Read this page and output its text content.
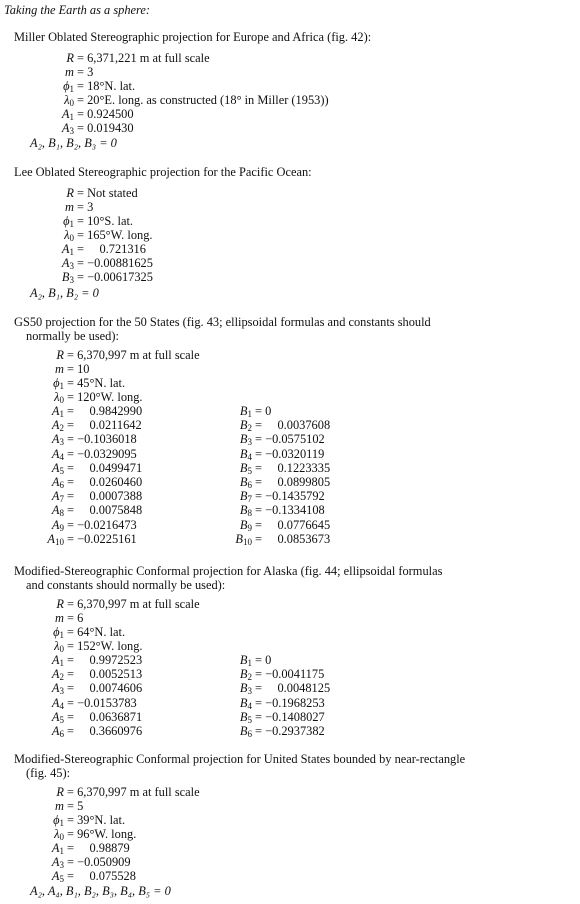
Taking the Earth as a sphere:
Miller Oblated Stereographic projection for Europe and Africa (fig. 42):
R = 6,371,221 m at full scale
m = 3
$\phi_1 = 18^\circ N$. lat.
$\lambda_0 = 20^\circ E$. long. as constructed (18° in Miller (1953))
$A_1 = 0.924500$
$A_3 = 0.019430$
A₂, B₁, B₂, B₃ = 0
Lee Oblated Stereographic projection for the Pacific Ocean:
R = Not stated
m = 3
$\phi_1 = 10^\circ S$. lat.
$\lambda_0 = 165^\circ W$. long.
$A_1$ =     0.721316
$A_3 = -0.00881625$
$B_3 = -0.00617325$
A₂, B₁, B₂ = 0
GS50 projection for the 50 States (fig. 43; ellipsoidal formulas and constants should
normally be used):
R = 6,370,997 m at full scale
m = 10
$\phi_1 = 45^\circ N$. lat.
$\lambda_0 = 120^\circ W$. long.
$A_1$ =     0.9842990	$B_1 = 0$
$A_2$ =     0.0211642	$B_2$ =     0.0037608
$A_3 = -0.1036018$	$B_3 = -0.0575102$
$A_4 = -0.0329095$	$B_4 = -0.0320119$
$A_5$ =     0.0499471	$B_5$ =     0.1223335
$A_6$ =     0.0260460	$B_6$ =     0.0899805
$A_7$ =     0.0007388	$B_7 = -0.1435792$
$A_8$ =     0.0075848	$B_8 = -0.1334108$
$A_9 = -0.0216473$	$B_9$ =     0.0776645
$A_{10} = -0.0225161$	$B_{10}$ =     0.0853673
Modified-Stereographic Conformal projection for Alaska (fig. 44; ellipsoidal formulas
and constants should normally be used):
R = 6,370,997 m at full scale
m = 6
$\phi_1 = 64^\circ N$. lat.
$\lambda_0 = 152^\circ W$. long.
$A_1$ =     0.9972523	$B_1 = 0$
$A_2$ =     0.0052513	$B_2 = -0.0041175$
$A_3$ =     0.0074606	$B_3$ =     0.0048125
$A_4 = -0.0153783$	$B_4 = -0.1968253$
$A_5$ =     0.0636871	$B_5 = -0.1408027$
$A_6$ =     0.3660976	$B_6 = -0.2937382$
Modified-Stereographic Conformal projection for United States bounded by near-rectangle
(fig. 45):
R = 6,370,997 m at full scale
m = 5
$\phi_1 = 39^\circ N$. lat.
$\lambda_0 = 96^\circ W$. long.
$A_1$ =     0.98879
$A_3 = -0.050909$
$A_5$ =     0.075528
A₂, A₄, B₁, B₂, B₃, B₄, B₅ = 0
